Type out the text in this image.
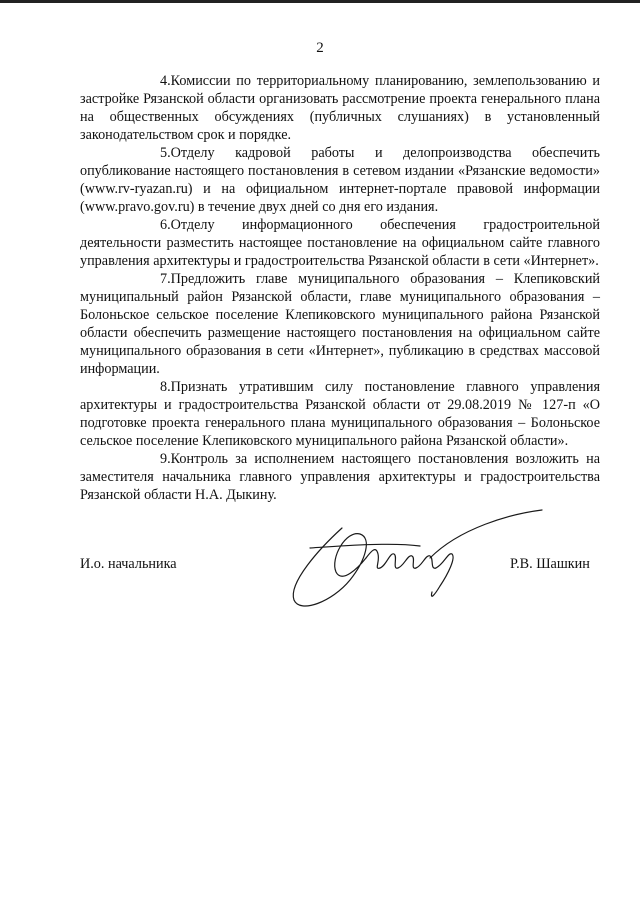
2

4.Комиссии по территориальному планированию, землепользованию и застройке Рязанской области организовать рассмотрение проекта генерального плана на общественных обсуждениях (публичных слушаниях) в установленный законодательством срок и порядке.

5.Отделу кадровой работы и делопроизводства обеспечить опубликование настоящего постановления в сетевом издании «Рязанские ведомости» (www.rv-ryazan.ru) и на официальном интернет-портале правовой информации (www.pravo.gov.ru) в течение двух дней со дня его издания.

6.Отделу информационного обеспечения градостроительной деятельности разместить настоящее постановление на официальном сайте главного управления архитектуры и градостроительства Рязанской области в сети «Интернет».

7.Предложить главе муниципального образования – Клепиковский муниципальный район Рязанской области, главе муниципального образования – Болоньское сельское поселение Клепиковского муниципального района Рязанской области обеспечить размещение настоящего постановления на официальном сайте муниципального образования в сети «Интернет», публикацию в средствах массовой информации.

8.Признать утратившим силу постановление главного управления архитектуры и градостроительства Рязанской области от 29.08.2019 № 127-п «О подготовке проекта генерального плана муниципального образования – Болоньское сельское поселение Клепиковского муниципального района Рязанской области».

9.Контроль за исполнением настоящего постановления возложить на заместителя начальника главного управления архитектуры и градостроительства Рязанской области Н.А. Дыкину.

И.о. начальника	Р.В. Шашкин
